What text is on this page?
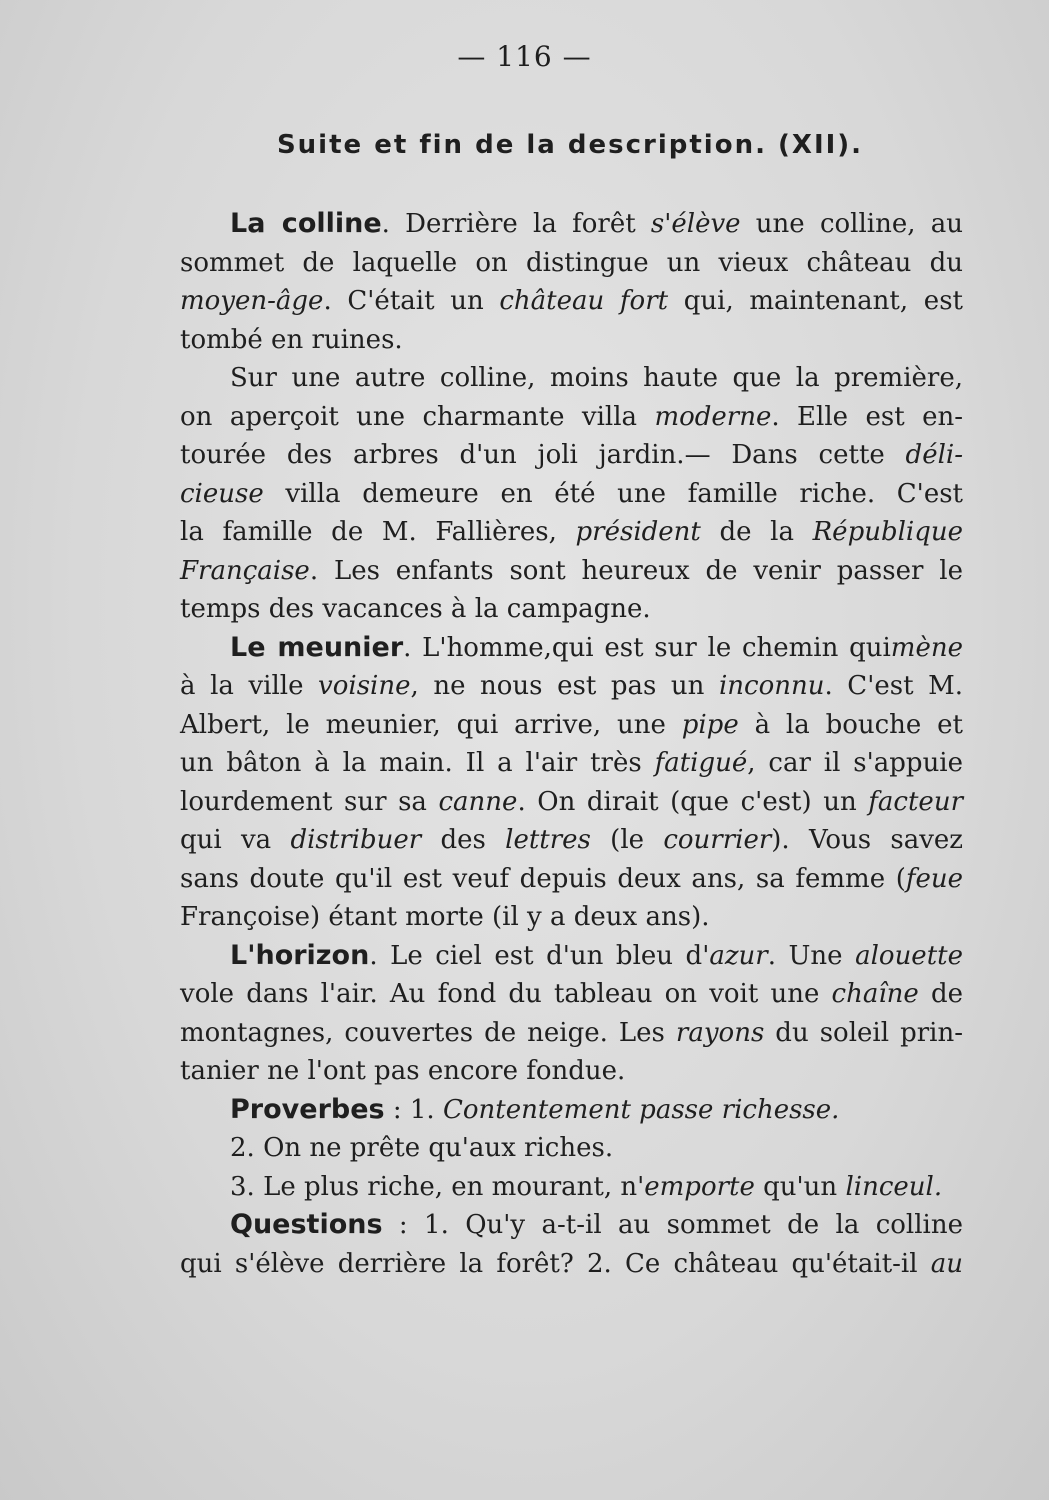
— 116 —
Suite et fin de la description. (XII).
La colline. Derrière la forêt s'élève une colline, au
sommet de laquelle on distingue un vieux château du
moyen-âge. C'était un château fort qui, maintenant, est
tombé en ruines.
Sur une autre colline, moins haute que la première,
on aperçoit une charmante villa moderne. Elle est en-
tourée des arbres d'un joli jardin.— Dans cette déli-
cieuse villa demeure en été une famille riche. C'est
la famille de M. Fallières, président de la République
Française. Les enfants sont heureux de venir passer le
temps des vacances à la campagne.
Le meunier. L'homme,qui est sur le chemin quimène
à la ville voisine, ne nous est pas un inconnu. C'est M.
Albert, le meunier, qui arrive, une pipe à la bouche et
un bâton à la main. Il a l'air très fatigué, car il s'appuie
lourdement sur sa canne. On dirait (que c'est) un facteur
qui va distribuer des lettres (le courrier). Vous savez
sans doute qu'il est veuf depuis deux ans, sa femme (feue
Françoise) étant morte (il y a deux ans).
L'horizon. Le ciel est d'un bleu d'azur. Une alouette
vole dans l'air. Au fond du tableau on voit une chaîne de
montagnes, couvertes de neige. Les rayons du soleil prin-
tanier ne l'ont pas encore fondue.
Proverbes : 1. Contentement passe richesse.
2. On ne prête qu'aux riches.
3. Le plus riche, en mourant, n'emporte qu'un linceul.
Questions : 1. Qu'y a-t-il au sommet de la colline
qui s'élève derrière la forêt? 2. Ce château qu'était-il au
